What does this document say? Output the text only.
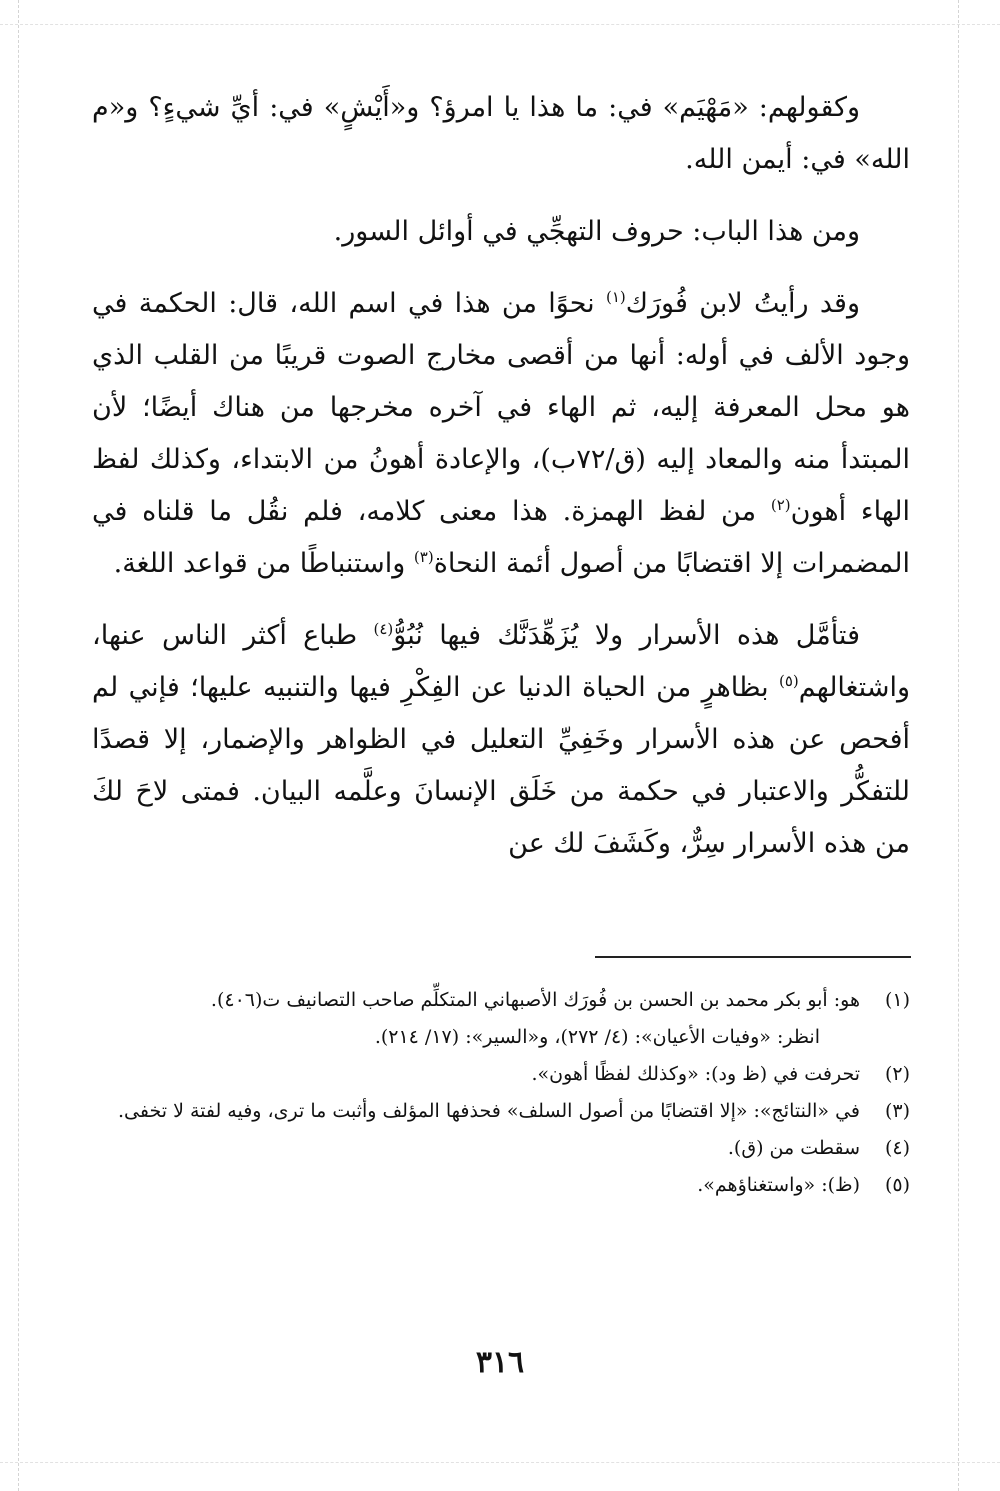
وكقولهم: «مَهْيَم» في: ما هذا يا امرؤ؟ و«أَيْشٍ» في: أيِّ شيءٍ؟ و«م الله» في: أيمن الله.

ومن هذا الباب: حروف التهجِّي في أوائل السور.

وقد رأيتُ لابن فُورَك$^{(١)}$ نحوًا من هذا في اسم الله، قال: الحكمة في وجود الألف في أوله: أنها من أقصى مخارج الصوت قريبًا من القلب الذي هو محل المعرفة إليه، ثم الهاء في آخره مخرجها من هناك أيضًا؛ لأن المبتدأ منه والمعاد إليه (ق/٧٢ب)، والإعادة أهونُ من الابتداء، وكذلك لفظ الهاء أهون$^{(٢)}$ من لفظ الهمزة. هذا معنى كلامه، فلم نقُل ما قلناه في المضمرات إلا اقتضابًا من أصول أئمة النحاة$^{(٣)}$ واستنباطًا من قواعد اللغة.

فتأمَّل هذه الأسرار ولا يُزَهِّدَنَّك فيها نُبُوُّ$^{(٤)}$ طباع أكثر الناس عنها، واشتغالهم$^{(٥)}$ بظاهرٍ من الحياة الدنيا عن الفِكْرِ فيها والتنبيه عليها؛ فإني لم أفحص عن هذه الأسرار وخَفِيِّ التعليل في الظواهر والإضمار، إلا قصدًا للتفكُّر والاعتبار في حكمة من خَلَق الإنسانَ وعلَّمه البيان. فمتى لاحَ لكَ من هذه الأسرار سِرٌّ، وكَشَفَ لك عن

(١)
هو: أبو بكر محمد بن الحسن بن فُورَك الأصبهاني المتكلِّم صاحب التصانيف ت(٤٠٦).
انظر: «وفيات الأعيان»: (٤/ ٢٧٢)، و«السير»: (١٧/ ٢١٤).
(٢)
تحرفت في (ظ ود): «وكذلك لفظًا أهون».
(٣)
في «النتائج»: «إلا اقتضابًا من أصول السلف» فحذفها المؤلف وأثبت ما ترى، وفيه لفتة لا تخفى.
(٤)
سقطت من (ق).
(٥)
(ظ): «واستغناؤهم».
٣١٦
